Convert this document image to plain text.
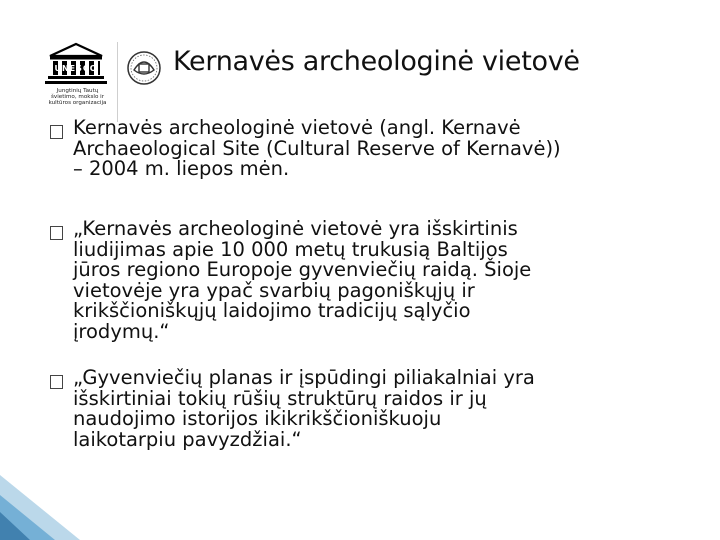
UNESCO
Jungtinių Tautų
švietimo, mokslo ir
kultūros organizacija
Kernavės archeologinė vietovė
Kernavės archeologinė vietovė (angl. Kernavė
Archaeological Site (Cultural Reserve of Kernavė))
– 2004 m. liepos mėn.
„Kernavės archeologinė vietovė yra išskirtinis
liudijimas apie 10 000 metų trukusią Baltijos
jūros regiono Europoje gyvenviečių raidą. Šioje
vietovėje yra ypač svarbių pagoniškųjų ir
krikščioniškųjų laidojimo tradicijų sąlyčio
įrodymų.“
„Gyvenviečių planas ir įspūdingi piliakalniai yra
išskirtiniai tokių rūšių struktūrų raidos ir jų
naudojimo istorijos ikikrikščioniškuoju
laikotarpiu pavyzdžiai.“
